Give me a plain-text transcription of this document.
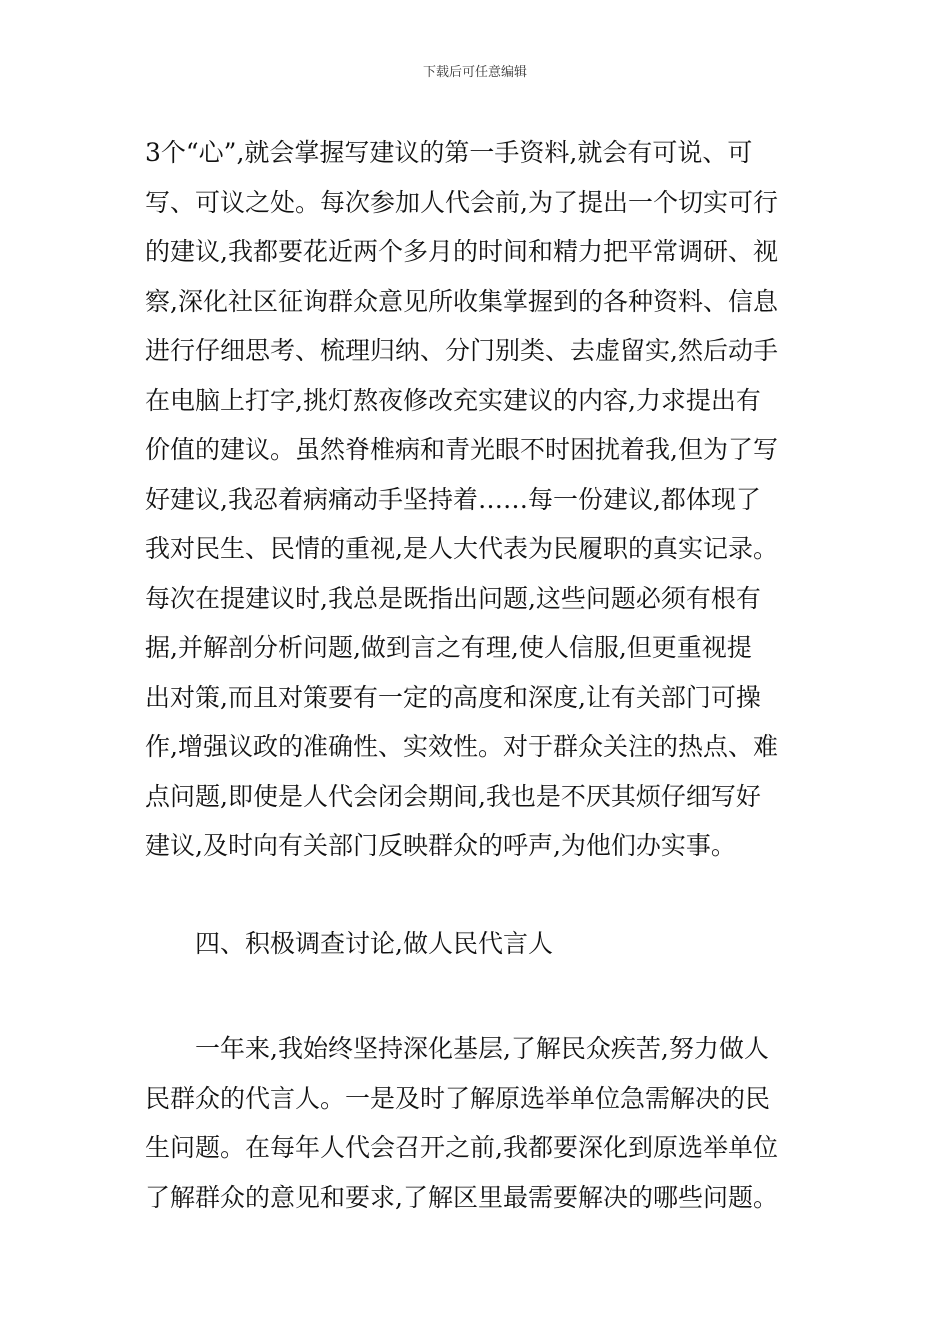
下载后可任意编辑
3个“心”,就会掌握写建议的第一手资料,就会有可说、可
写、可议之处。每次参加人代会前,为了提出一个切实可行
的建议,我都要花近两个多月的时间和精力把平常调研、视
察,深化社区征询群众意见所收集掌握到的各种资料、信息
进行仔细思考、梳理归纳、分门别类、去虚留实,然后动手
在电脑上打字,挑灯熬夜修改充实建议的内容,力求提出有
价值的建议。虽然脊椎病和青光眼不时困扰着我,但为了写
好建议,我忍着病痛动手坚持着……每一份建议,都体现了
我对民生、民情的重视,是人大代表为民履职的真实记录。
每次在提建议时,我总是既指出问题,这些问题必须有根有
据,并解剖分析问题,做到言之有理,使人信服,但更重视提
出对策,而且对策要有一定的高度和深度,让有关部门可操
作,增强议政的准确性、实效性。对于群众关注的热点、难
点问题,即使是人代会闭会期间,我也是不厌其烦仔细写好
建议,及时向有关部门反映群众的呼声,为他们办实事。
四、积极调查讨论,做人民代言人
一年来,我始终坚持深化基层,了解民众疾苦,努力做人
民群众的代言人。一是及时了解原选举单位急需解决的民
生问题。在每年人代会召开之前,我都要深化到原选举单位
了解群众的意见和要求,了解区里最需要解决的哪些问题。
